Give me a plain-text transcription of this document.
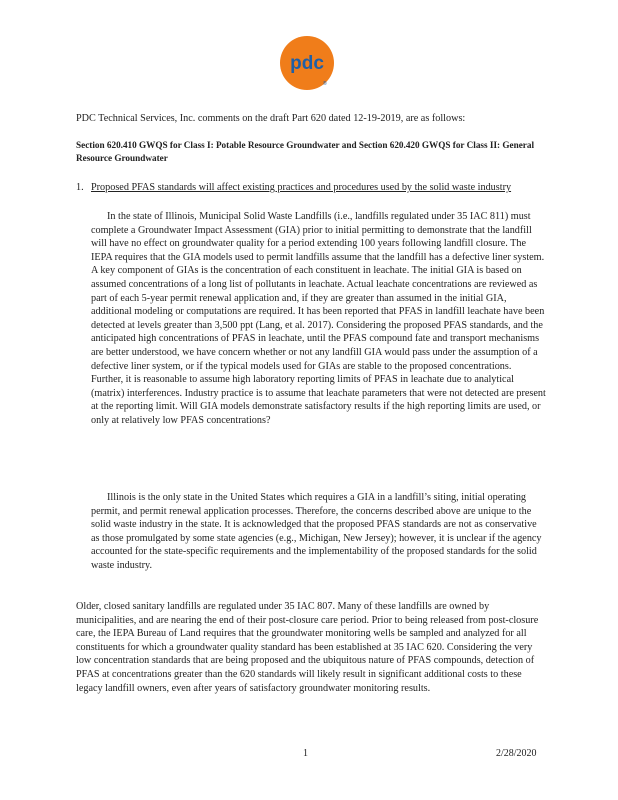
pdc
®

PDC Technical Services, Inc. comments on the draft Part 620 dated 12-19-2019, are as follows:

Section 620.410 GWQS for Class I: Potable Resource Groundwater and Section 620.420 GWQS for Class II: General Resource Groundwater

1. Proposed PFAS standards will affect existing practices and procedures used by the solid waste industry

In the state of Illinois, Municipal Solid Waste Landfills (i.e., landfills regulated under 35 IAC 811) must complete a Groundwater Impact Assessment (GIA) prior to initial permitting to demonstrate that the landfill will have no effect on groundwater quality for a period extending 100 years following landfill closure. The IEPA requires that the GIA models used to permit landfills assume that the landfill has a defective liner system. A key component of GIAs is the concentration of each constituent in leachate. The initial GIA is based on assumed concentrations of a long list of pollutants in leachate. Actual leachate concentrations are reviewed as part of each 5-year permit renewal application and, if they are greater than assumed in the initial GIA, additional modeling or computations are required. It has been reported that PFAS in landfill leachate have been detected at levels greater than 3,500 ppt (Lang, et al. 2017). Considering the proposed PFAS standards, and the anticipated high concentrations of PFAS in leachate, until the PFAS compound fate and transport mechanisms are better understood, we have concern whether or not any landfill GIA would pass under the assumption of a defective liner system, or if the typical models used for GIAs are stable to the proposed concentrations. Further, it is reasonable to assume high laboratory reporting limits of PFAS in leachate due to analytical (matrix) interferences. Industry practice is to assume that leachate parameters that were not detected are present at the reporting limit. Will GIA models demonstrate satisfactory results if the high reporting limits are used, or only at relatively low PFAS concentrations?

Illinois is the only state in the United States which requires a GIA in a landfill’s siting, initial operating permit, and permit renewal application processes. Therefore, the concerns described above are unique to the solid waste industry in the state. It is acknowledged that the proposed PFAS standards are not as conservative as those promulgated by some state agencies (e.g., Michigan, New Jersey); however, it is unclear if the agency accounted for the state-specific requirements and the implementability of the proposed standards for the solid waste industry.

Older, closed sanitary landfills are regulated under 35 IAC 807. Many of these landfills are owned by municipalities, and are nearing the end of their post-closure care period. Prior to being released from post-closure care, the IEPA Bureau of Land requires that the groundwater monitoring wells be sampled and analyzed for all constituents for which a groundwater quality standard has been established at 35 IAC 620. Considering the very low concentration standards that are being proposed and the ubiquitous nature of PFAS compounds, detection of PFAS at concentrations greater than the 620 standards will likely result in significant additional costs to these legacy landfill owners, even after years of satisfactory groundwater monitoring results.

1	2/28/2020
